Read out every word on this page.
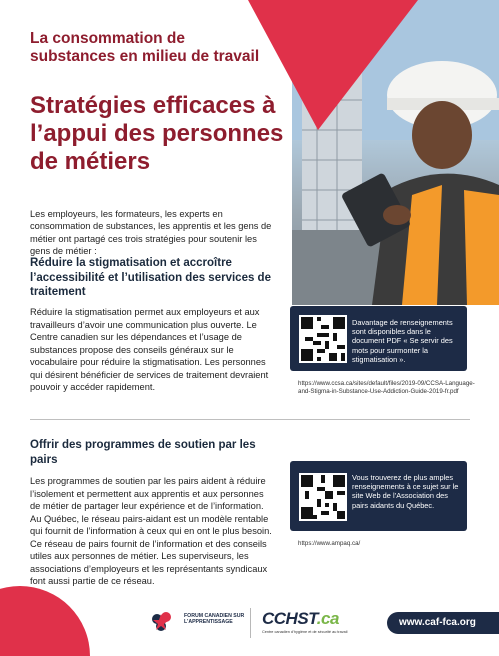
La consommation de substances en milieu de travail
Stratégies efficaces à l’appui des personnes de métiers
Les employeurs, les formateurs, les experts en consommation de substances, les apprentis et les gens de métier ont partagé ces trois stratégies pour soutenir les gens de métier :
Réduire la stigmatisation et accroître l’accessibilité et l’utilisation des services de traitement
Réduire la stigmatisation permet aux employeurs et aux travailleurs d’avoir une communication plus ouverte. Le Centre canadien sur les dépendances et l’usage de substances propose des conseils généraux sur le vocabulaire pour réduire la stigmatisation. Les personnes qui désirent bénéficier de services de traitement devraient pouvoir y accéder rapidement.
Davantage de renseignements sont disponibles dans le document PDF « Se servir des mots pour surmonter la stigmatisation ».
https://www.ccsa.ca/sites/default/files/2019-09/CCSA-Language-and-Stigma-in-Substance-Use-Addiction-Guide-2019-fr.pdf
Offrir des programmes de soutien par les pairs
Les programmes de soutien par les pairs aident à réduire l’isolement et permettent aux apprentis et aux personnes de métier de partager leur expérience et de l’information. Au Québec, le réseau pairs-aidant est un modèle rentable qui fournit de l’information à ceux qui en ont le plus besoin. Ce réseau de pairs fournit de l’information et des conseils utiles aux personnes de métier. Les superviseurs, les associations d’employeurs et les représentants syndicaux font aussi partie de ce réseau.
Vous trouverez de plus amples renseignements à ce sujet sur le site Web de l’Association des pairs aidants du Québec.
https://www.ampaq.ca/
FORUM CANADIEN SUR L’APPRENTISSAGE	CCHST.ca
Centre canadien d’hygiène et de sécurité au travail
www.caf-fca.org
